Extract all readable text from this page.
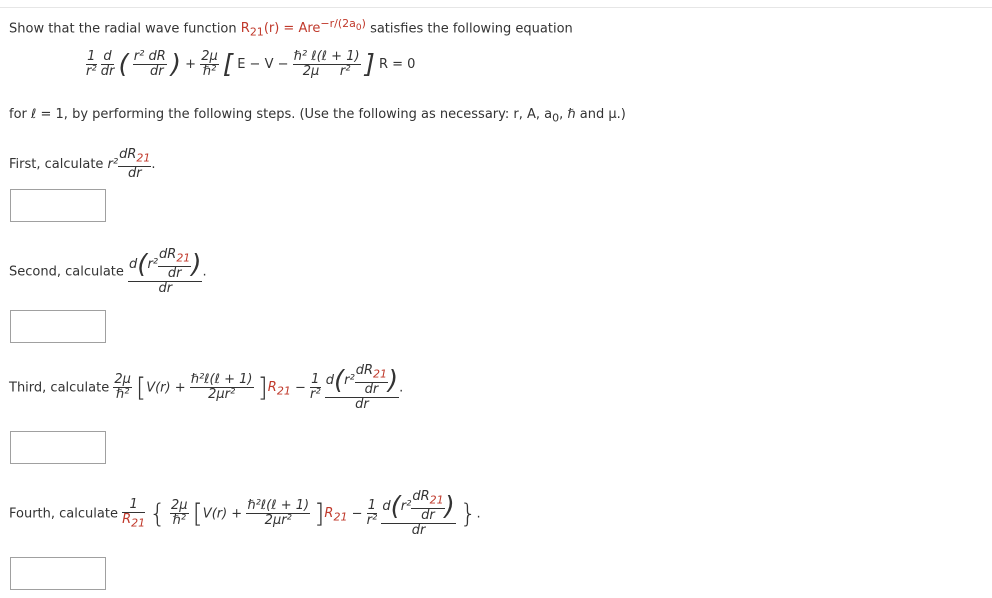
Show that the radial wave function $R_{21}(r) = Are^{-r/(2a_0)}$ satisfies the following equation
$\frac{1}{\text{r²}}$
$\frac{d}{dr}$ ( $\frac{\text{r² dR}}{dr}$ ) + $\frac{2\mu}{\text{ℏ²}}$ [ $E - V - \frac{\text{ℏ² ℓ(ℓ + 1)}}{\text{2μ r²}}$ ] R = 0
for ℓ = 1, by performing the following steps. (Use the following as necessary: r, A, $a_0$, ℏ and μ.)
First, calculate $r^2 \frac{dR_{21}}{dr}$ .
Second, calculate $\frac{d(r^2 \frac{dR_{21}}{dr} )}{dr}$ .
Third, calculate $\frac{2\mu}{\text{ℏ²}} [V(r) + \frac{\text{ℏ²ℓ(ℓ + 1)}}{\text{2μr²}} ]R_{21} - \frac{1}{\text{r²}}$
$\frac{d(r^2 \frac{dR_{21}}{dr} )}{dr}$ .
Fourth, calculate $\frac{1}{R_{21}}$ { $\frac{2\mu}{\text{ℏ²}} [V(r) + \frac{\text{ℏ²ℓ(ℓ + 1)}}{\text{2μr²}} ]R_{21} - \frac{1}{\text{r²}}$
$\frac{d(r^2 \frac{dR_{21}}{dr} )}{dr}$ }.
